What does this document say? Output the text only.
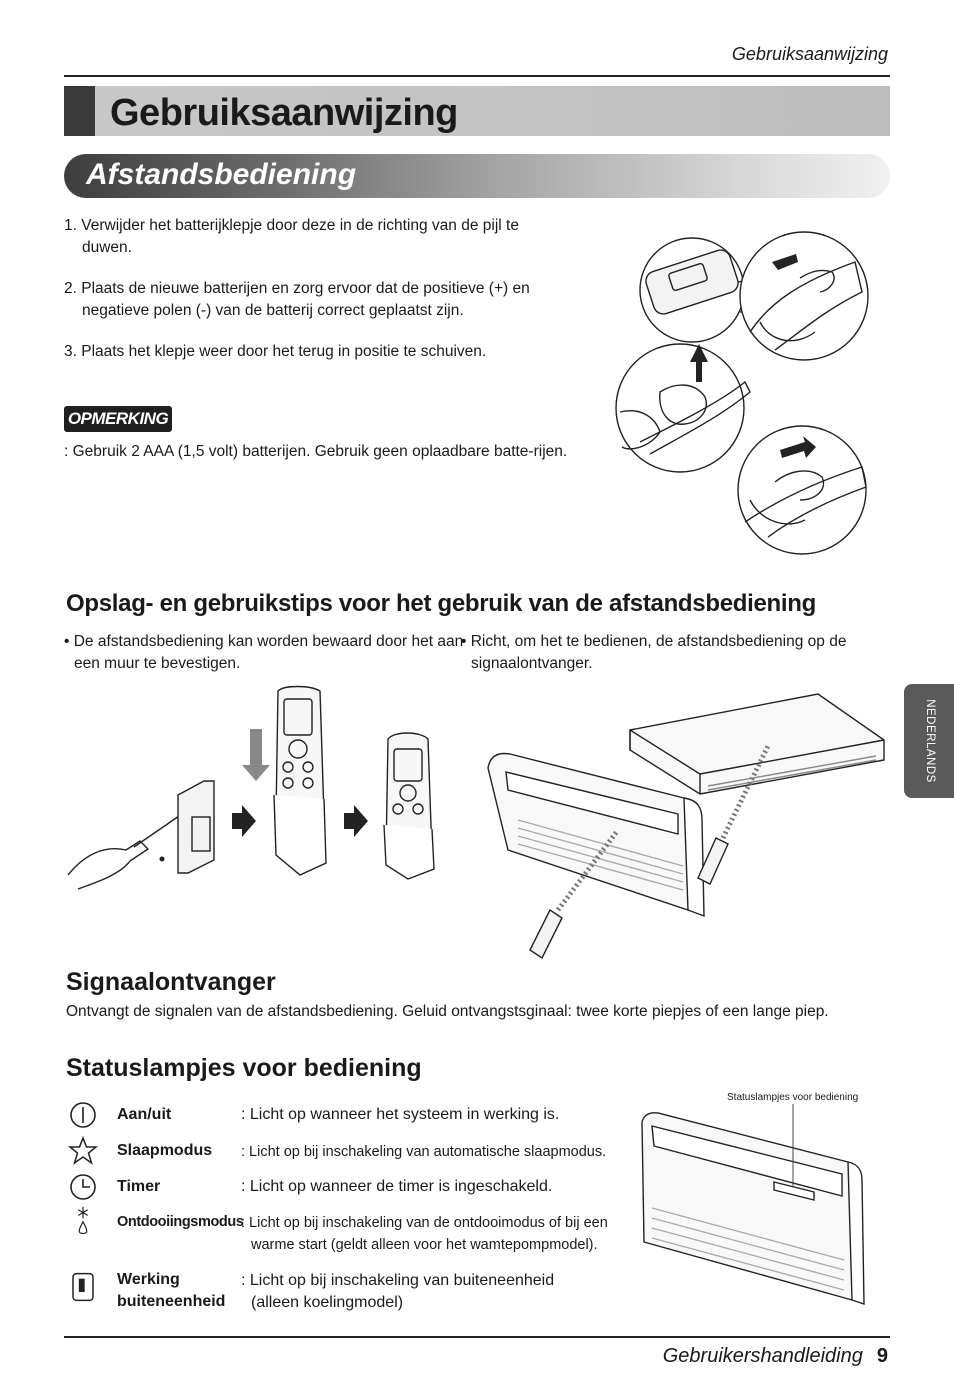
Gebruiksaanwijzing
Gebruiksaanwijzing
Afstandsbediening
1. Verwijder het batterijklepje door deze in de richting van de pijl te duwen.
2. Plaats de nieuwe batterijen en zorg ervoor dat de positieve (+) en negatieve polen (-) van de batterij correct geplaatst zijn.
3. Plaats het klepje weer door het terug in positie te schuiven.
OPMERKING
: Gebruik 2 AAA (1,5 volt) batterijen. Gebruik geen oplaadbare batte-rijen.
Opslag- en gebruikstips voor het gebruik van de afstandsbediening
• De afstandsbediening kan worden bewaard door het aan een muur te bevestigen.
• Richt, om het te bedienen, de afstandsbediening op de signaalontvanger.
Signaalontvanger
Ontvangt de signalen van de afstandsbediening. Geluid ontvangstsginaal: twee korte piepjes of een lange piep.
Statuslampjes voor bediening
Aan/uit	: Licht op wanneer het systeem in werking is.
Slaapmodus : Licht op bij inschakeling van automatische slaapmodus.
Timer	: Licht op wanneer de timer is ingeschakeld.
Ontdooiingsmodus
: Licht op bij inschakeling van de ontdooimodus of bij een
warme start (geldt alleen voor het wamtepompmodel).
Werking
buiteneenheid
: Licht op bij inschakeling van buiteneenheid
(alleen koelingmodel)
Statuslampjes voor bediening
Gebruikershandleiding 9
NEDERLANDS
